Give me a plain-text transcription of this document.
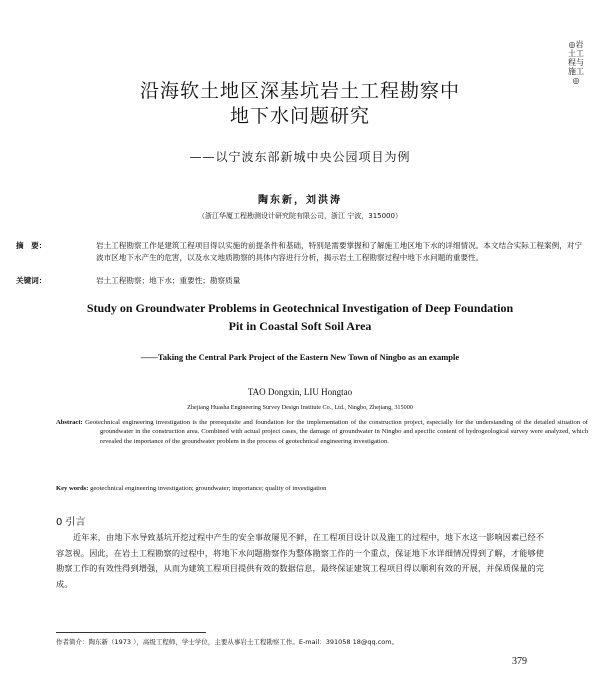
◎岩土工程与施工◎
沿海软土地区深基坑岩土工程勘察中
地下水问题研究
——以宁波东部新城中央公园项目为例
陶东新，刘洪涛
（浙江华厦工程勘测设计研究院有限公司，浙江 宁波，315000）
摘　要：	岩土工程勘察工作是建筑工程项目得以实施的前提条件和基础，特别是需要掌握和了解施工地区地下水的详细情况。本文结合实际工程案例，对宁波市区地下水产生的危害，以及水文地质勘察的具体内容进行分析，揭示岩土工程勘察过程中地下水问题的重要性。
关键词：	岩土工程勘察；地下水；重要性；勘察质量
Study on Groundwater Problems in Geotechnical Investigation of Deep Foundation
Pit in Coastal Soft Soil Area
——Taking the Central Park Project of the Eastern New Town of Ningbo as an example
TAO Dongxin, LIU Hongtao
Zhejiang Huasha Engineering Survey Design Institute Co., Ltd., Ningbo, Zhejiang, 315000
Abstract: Geotechnical engineering investigation is the prerequisite and foundation for the implementation of the construction project, especially for the understanding of the detailed situation of groundwater in the construction area. Combined with actual project cases, the damage of groundwater in Ningbo and specific content of hydrogeological survey were analyzed, which revealed the importance of the groundwater problem in the process of geotechnical engineering investigation.
Key words: geotechnical engineering investigation; groundwater; importance; quality of investigation
0 引言
近年来，由地下水导致基坑开挖过程中产生的安全事故屡见不鲜，在工程项目设计以及施工的过程中，地下水这一影响因素已经不容忽视。因此，在岩土工程勘察的过程中，将地下水问题勘察作为整体勘察工作的一个重点，保证地下水详细情况得到了解，才能够使勘察工作的有效性得到增强，从而为建筑工程项目提供有效的数据信息，最终保证建筑工程项目得以顺利有效的开展，并保质保量的完成。
作者简介：陶东新（1973 ），高级工程师，学士学位，主要从事岩土工程勘察工作。E-mail：391058 18@qq.com。
379
